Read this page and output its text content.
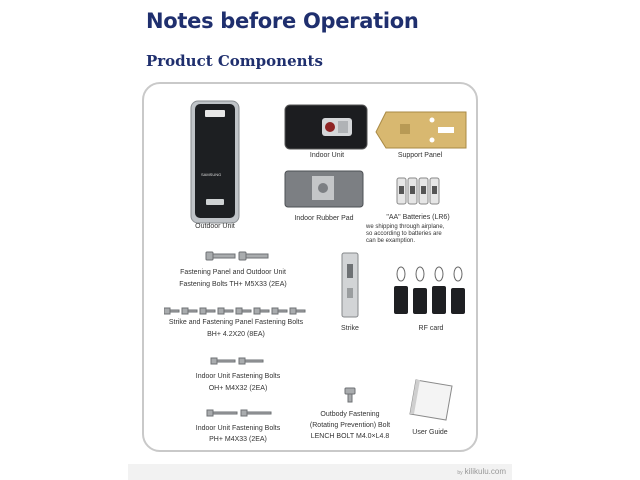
Notes before Operation
Product Components
SAMSUNG
Outdoor Unit
Indoor Unit	Support Panel
Indoor Rubber Pad	"AA" Batteries (LR6)
we shipping through airplane,
so according to batteries are
can be examption.
Fastening Panel and Outdoor Unit
Fastening Bolts TH+ M5X33 (2EA)
Strike and Fastening Panel Fastening Bolts
BH+ 4.2X20 (8EA)
Strike	RF card
Indoor Unit Fastening Bolts
OH+ M4X32 (2EA)
Indoor Unit Fastening Bolts
PH+ M4X33 (2EA)
Outbody Fastening
(Rotating Prevention) Bolt
LENCH BOLT M4.0×L4.8
User Guide
by kilikulu.com
